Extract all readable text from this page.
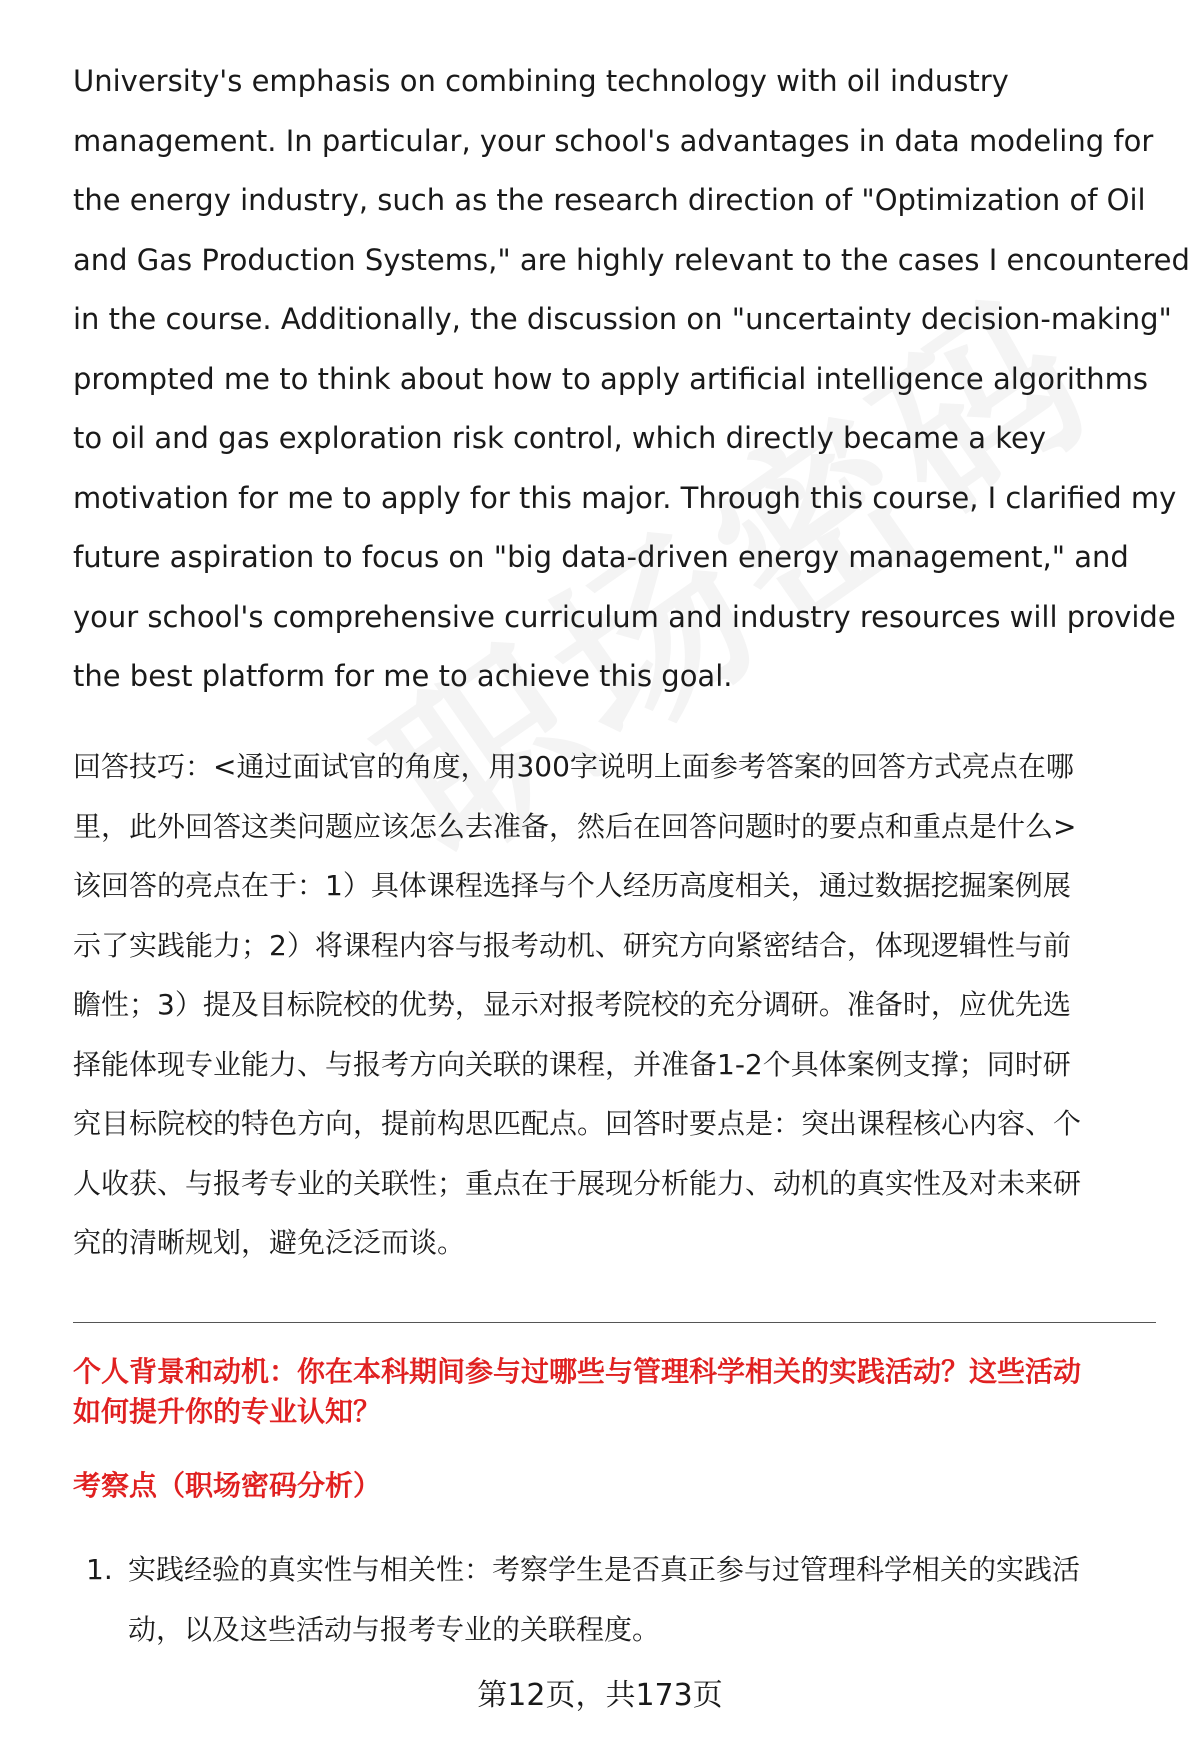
University's emphasis on combining technology with oil industry
management. In particular, your school's advantages in data modeling for
the energy industry, such as the research direction of "Optimization of Oil
and Gas Production Systems," are highly relevant to the cases I encountered
in the course. Additionally, the discussion on "uncertainty decision-making"
prompted me to think about how to apply artificial intelligence algorithms
to oil and gas exploration risk control, which directly became a key
motivation for me to apply for this major. Through this course, I clarified my
future aspiration to focus on "big data-driven energy management," and
your school's comprehensive curriculum and industry resources will provide
the best platform for me to achieve this goal.
回答技巧：<通过面试官的角度，用300字说明上面参考答案的回答方式亮点在哪
里，此外回答这类问题应该怎么去准备，然后在回答问题时的要点和重点是什么>
该回答的亮点在于：1）具体课程选择与个人经历高度相关，通过数据挖掘案例展
示了实践能力；2）将课程内容与报考动机、研究方向紧密结合，体现逻辑性与前
瞻性；3）提及目标院校的优势，显示对报考院校的充分调研。准备时，应优先选
择能体现专业能力、与报考方向关联的课程，并准备1-2个具体案例支撑；同时研
究目标院校的特色方向，提前构思匹配点。回答时要点是：突出课程核心内容、个
人收获、与报考专业的关联性；重点在于展现分析能力、动机的真实性及对未来研
究的清晰规划，避免泛泛而谈。
个人背景和动机：你在本科期间参与过哪些与管理科学相关的实践活动？这些活动
如何提升你的专业认知？
考察点（职场密码分析）
1. 实践经验的真实性与相关性：考察学生是否真正参与过管理科学相关的实践活
动，以及这些活动与报考专业的关联程度。
第12页，共173页
